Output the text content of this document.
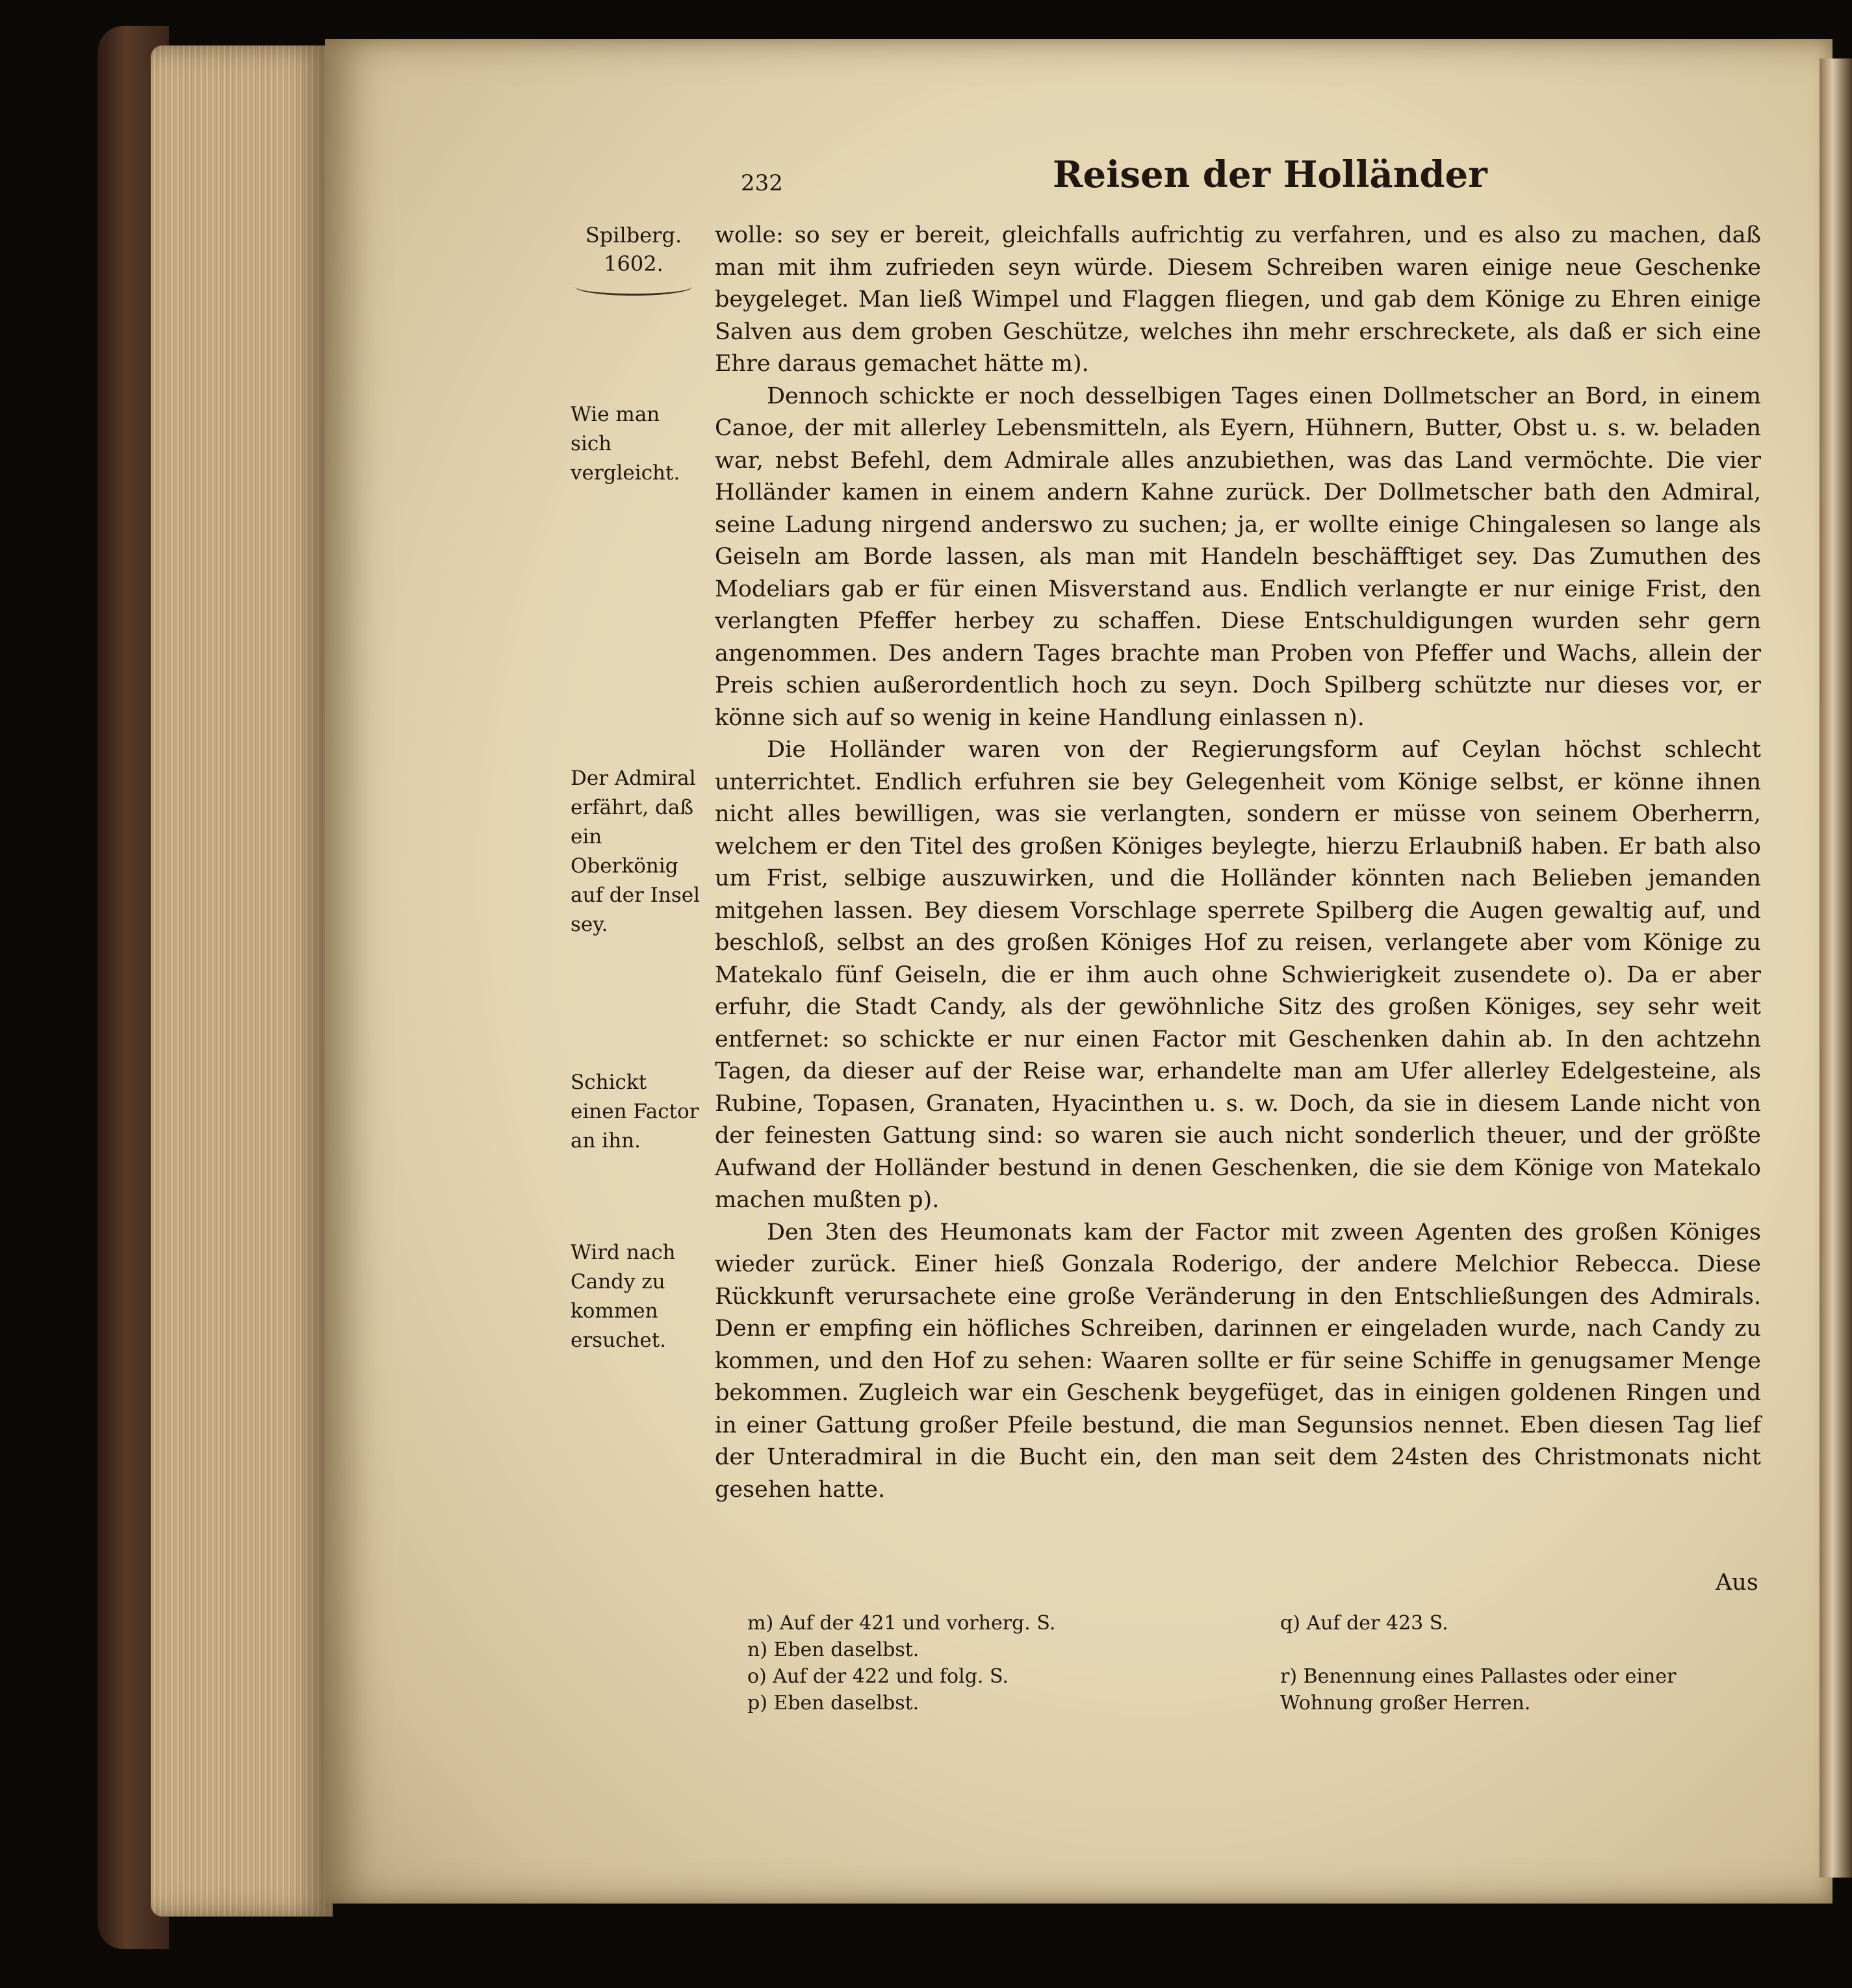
232	Reisen der Holländer
Spilberg.
1602.
Wie man sich vergleicht.
Der Admiral erfährt, daß ein Oberkönig auf der Insel sey.
Schickt einen Factor an ihn.
Wird nach Candy zu kommen ersuchet.

wolle: so sey er bereit, gleichfalls aufrichtig zu verfahren, und es also zu machen, daß man mit ihm zufrieden seyn würde. Diesem Schreiben waren einige neue Geschenke beygeleget. Man ließ Wimpel und Flaggen fliegen, und gab dem Könige zu Ehren einige Salven aus dem groben Geschütze, welches ihn mehr erschreckete, als daß er sich eine Ehre daraus gemachet hätte m).

Dennoch schickte er noch desselbigen Tages einen Dollmetscher an Bord, in einem Canoe, der mit allerley Lebensmitteln, als Eyern, Hühnern, Butter, Obst u. s. w. beladen war, nebst Befehl, dem Admirale alles anzubiethen, was das Land vermöchte. Die vier Holländer kamen in einem andern Kahne zurück. Der Dollmetscher bath den Admiral, seine Ladung nirgend anderswo zu suchen; ja, er wollte einige Chingalesen so lange als Geiseln am Borde lassen, als man mit Handeln beschäfftiget sey. Das Zumuthen des Modeliars gab er für einen Misverstand aus. Endlich verlangte er nur einige Frist, den verlangten Pfeffer herbey zu schaffen. Diese Entschuldigungen wurden sehr gern angenommen. Des andern Tages brachte man Proben von Pfeffer und Wachs, allein der Preis schien außerordentlich hoch zu seyn. Doch Spilberg schützte nur dieses vor, er könne sich auf so wenig in keine Handlung einlassen n).

Die Holländer waren von der Regierungsform auf Ceylan höchst schlecht unterrichtet. Endlich erfuhren sie bey Gelegenheit vom Könige selbst, er könne ihnen nicht alles bewilligen, was sie verlangten, sondern er müsse von seinem Oberherrn, welchem er den Titel des großen Königes beylegte, hierzu Erlaubniß haben. Er bath also um Frist, selbige auszuwirken, und die Holländer könnten nach Belieben jemanden mitgehen lassen. Bey diesem Vorschlage sperrete Spilberg die Augen gewaltig auf, und beschloß, selbst an des großen Königes Hof zu reisen, verlangete aber vom Könige zu Matekalo fünf Geiseln, die er ihm auch ohne Schwierigkeit zusendete o). Da er aber erfuhr, die Stadt Candy, als der gewöhnliche Sitz des großen Königes, sey sehr weit entfernet: so schickte er nur einen Factor mit Geschenken dahin ab. In den achtzehn Tagen, da dieser auf der Reise war, erhandelte man am Ufer allerley Edelgesteine, als Rubine, Topasen, Granaten, Hyacinthen u. s. w. Doch, da sie in diesem Lande nicht von der feinesten Gattung sind: so waren sie auch nicht sonderlich theuer, und der größte Aufwand der Holländer bestund in denen Geschenken, die sie dem Könige von Matekalo machen mußten p).

Den 3ten des Heumonats kam der Factor mit zween Agenten des großen Königes wieder zurück. Einer hieß Gonzala Roderigo, der andere Melchior Rebecca. Diese Rückkunft verursachete eine große Veränderung in den Entschließungen des Admirals. Denn er empfing ein höfliches Schreiben, darinnen er eingeladen wurde, nach Candy zu kommen, und den Hof zu sehen: Waaren sollte er für seine Schiffe in genugsamer Menge bekommen. Zugleich war ein Geschenk beygefüget, das in einigen goldenen Ringen und in einer Gattung großer Pfeile bestund, die man Segunsios nennet. Eben diesen Tag lief der Unteradmiral in die Bucht ein, den man seit dem 24sten des Christmonats nicht gesehen hatte.

Aus
m) Auf der 421 und vorherg. S.
n) Eben daselbst.
o) Auf der 422 und folg. S.
p) Eben daselbst.
q) Auf der 423 S.
r) Benennung eines Pallastes oder einer Wohnung großer Herren.
